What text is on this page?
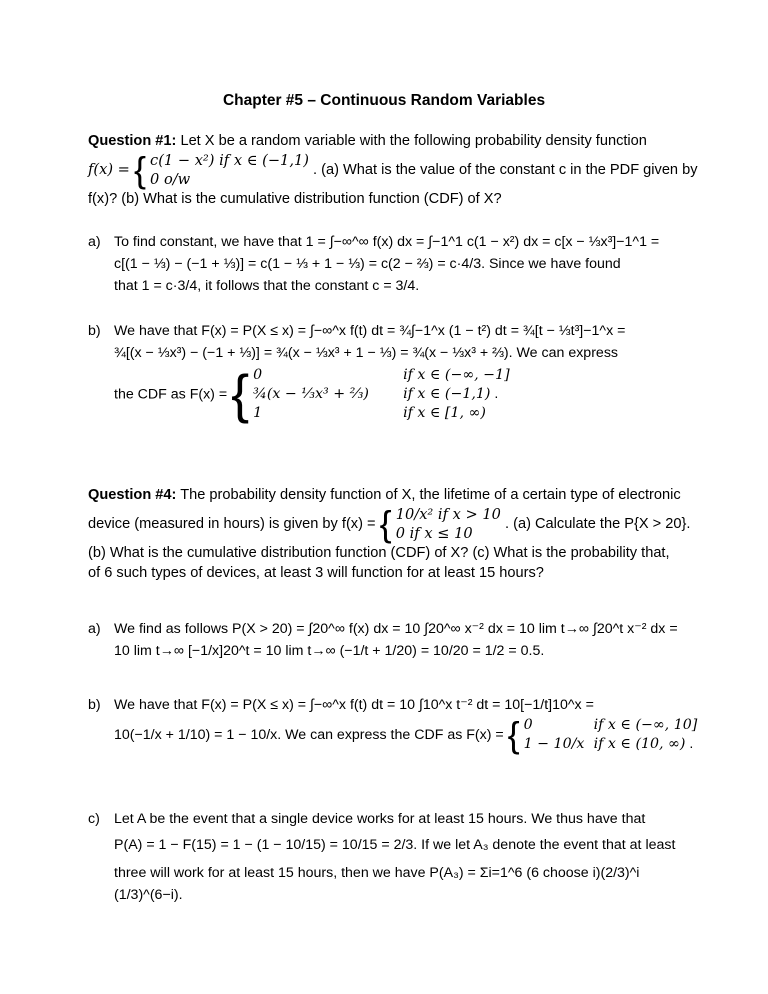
Chapter #5 – Continuous Random Variables
Question #1: Let X be a random variable with the following probability density function
f(x) = { c(1 − x²) if x ∈ (−1,1)
0 o/w
. (a) What is the value of the constant c in the PDF given by
f(x)? (b) What is the cumulative distribution function (CDF) of X?
a) To find constant, we have that 1 = ∫−∞^∞ f(x) dx = ∫−1^1 c(1 − x²) dx = c[x − ⅓x³]−1^1 =
c[(1 − ⅓) − (−1 + ⅓)] = c(1 − ⅓ + 1 − ⅓) = c(2 − ⅔) = c·4/3. Since we have found
that 1 = c·3/4, it follows that the constant c = 3/4.
b) We have that F(x) = P(X ≤ x) = ∫−∞^x f(t) dt = ¾∫−1^x (1 − t²) dt = ¾[t − ⅓t³]−1^x =
¾[(x − ⅓x³) − (−1 + ⅓)] = ¾(x − ⅓x³ + 1 − ⅓) = ¾(x − ⅓x³ + ⅔). We can express
the CDF as F(x) = { 0	if x ∈ (−∞, −1]
¾(x − ⅓x³ + ⅔) if x ∈ (−1,1) .
1	if x ∈ [1, ∞)
Question #4: The probability density function of X, the lifetime of a certain type of electronic
device (measured in hours) is given by f(x) = { 10/x² if x > 10
0 if x ≤ 10
. (a) Calculate the P{X > 20}.
(b) What is the cumulative distribution function (CDF) of X? (c) What is the probability that,
of 6 such types of devices, at least 3 will function for at least 15 hours?
a) We find as follows P(X > 20) = ∫20^∞ f(x) dx = 10 ∫20^∞ x⁻² dx = 10 lim t→∞ ∫20^t x⁻² dx =
10 lim t→∞ [−1/x]20^t = 10 lim t→∞ (−1/t + 1/20) = 10/20 = 1/2 = 0.5.
b) We have that F(x) = P(X ≤ x) = ∫−∞^x f(t) dt = 10 ∫10^x t⁻² dt = 10[−1/t]10^x =
10(−1/x + 1/10) = 1 − 10/x. We can express the CDF as F(x) = { 0	if x ∈ (−∞, 10]
1 − 10/x if x ∈ (10, ∞) .
c) Let A be the event that a single device works for at least 15 hours. We thus have that
P(A) = 1 − F(15) = 1 − (1 − 10/15) = 10/15 = 2/3. If we let A₃ denote the event that at least
three will work for at least 15 hours, then we have P(A₃) = Σi=1^6 (6 choose i)(2/3)^i (1/3)^(6−i).
